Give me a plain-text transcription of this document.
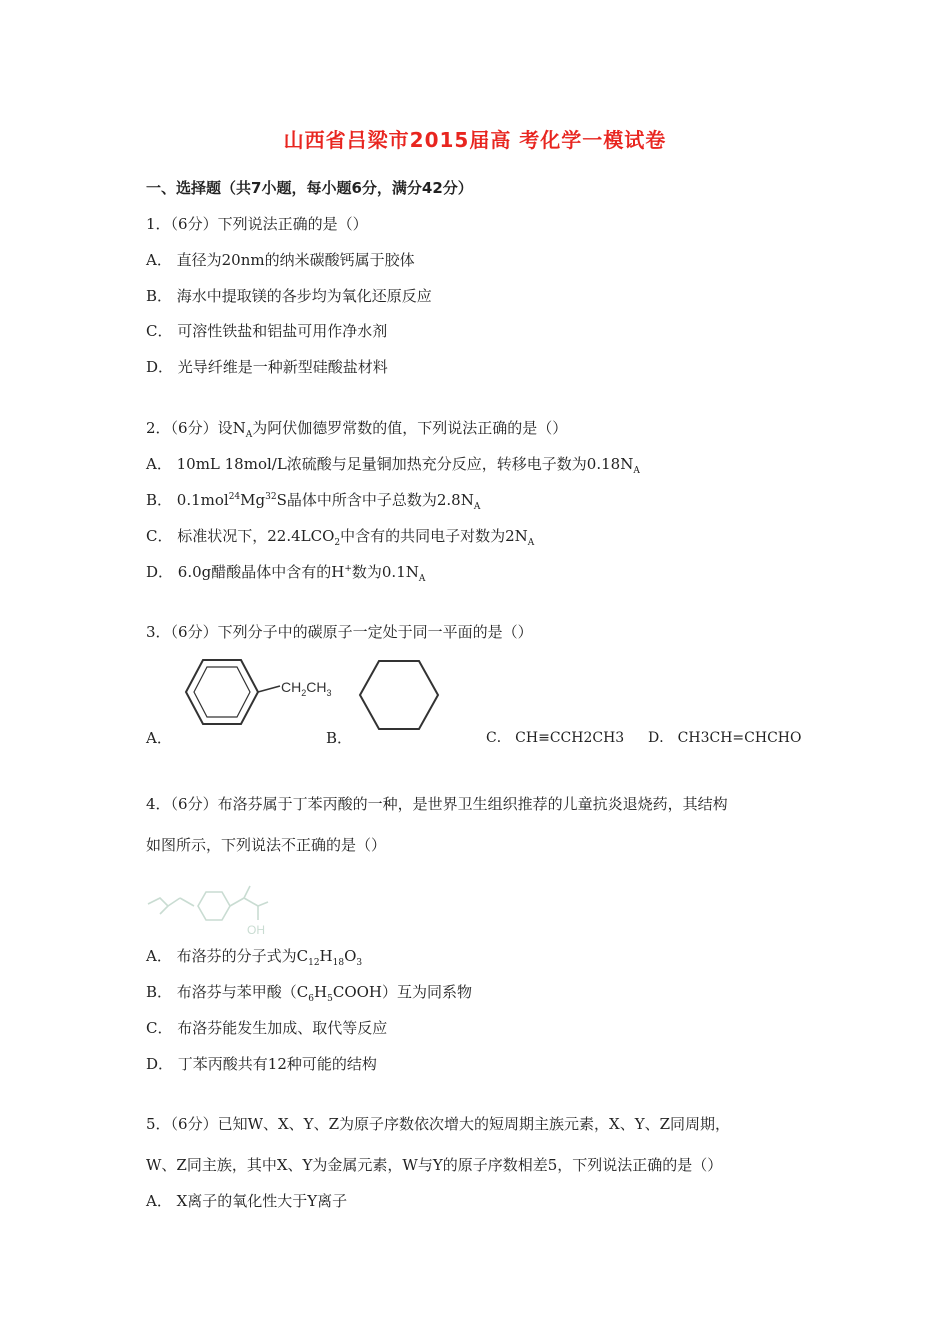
山西省吕梁市2015届高 考化学一模试卷
一、选择题（共7小题，每小题6分，满分42分）
1．（6分）下列说法正确的是（）
A． 直径为20nm的纳米碳酸钙属于胶体
B． 海水中提取镁的各步均为氧化还原反应
C． 可溶性铁盐和铝盐可用作净水剂
D． 光导纤维是一种新型硅酸盐材料
2．（6分）设$N_A$为阿伏伽德罗常数的值，下列说法正确的是（）
A． 10mL 18mol/L浓硫酸与足量铜加热充分反应，转移电子数为$0.18N_A$
B． 0.1mol$^{24}$Mg$^{32}$S晶体中所含中子总数为$2.8N_A$
C． 标准状况下，$22.4LCO_2$中含有的共同电子对数为$2N_A$
D． 6.0g醋酸晶体中含有的H+数为$0.1N_A$
3．（6分）下列分子中的碳原子一定处于同一平面的是（）
$CH_2CH_3$
A．	B．	C． CH≡CCH2CH3 D． CH3CH=CHCHO
4．（6分）布洛芬属于丁苯丙酸的一种，是世界卫生组织推荐的儿童抗炎退烧药，其结构
如图所示，下列说法不正确的是（）
OH
A． 布洛芬的分子式为$C_{12}H_{18}O_3$
B． 布洛芬与苯甲酸$(C_6H_5COOH)$互为同系物
C． 布洛芬能发生加成、取代等反应
D． 丁苯丙酸共有12种可能的结构
5．（6分）已知W、X、Y、Z为原子序数依次增大的短周期主族元素，X、Y、Z同周期，
W、Z同主族，其中X、Y为金属元素，W与Y的原子序数相差5，下列说法正确的是（）
A． X离子的氧化性大于Y离子
